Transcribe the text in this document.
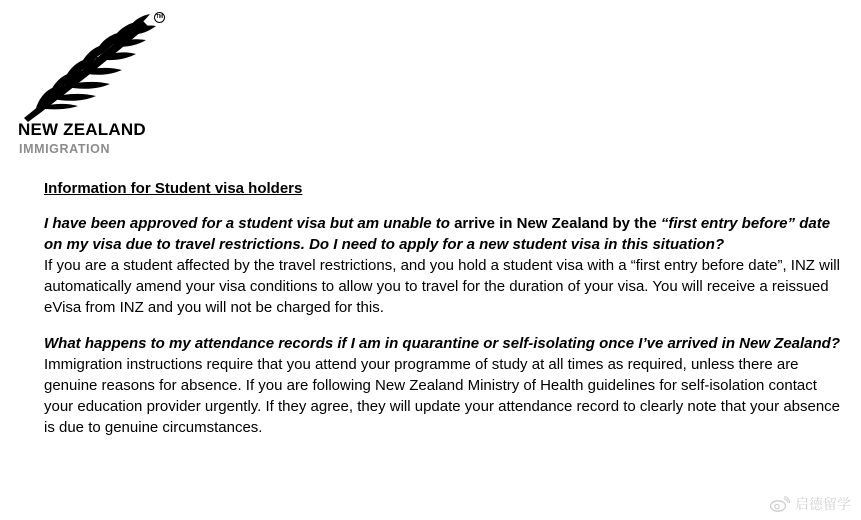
TM
NEW ZEALAND
IMMIGRATION

Information for Student visa holders

I have been approved for a student visa but am unable to arrive in New Zealand by the “first entry before” date on my visa due to travel restrictions. Do I need to apply for a new student visa in this situation?

If you are a student affected by the travel restrictions, and you hold a student visa with a “first entry before date”, INZ will automatically amend your visa conditions to allow you to travel for the duration of your visa. You will receive a reissued eVisa from INZ and you will not be charged for this.

What happens to my attendance records if I am in quarantine or self-isolating once I’ve arrived in New Zealand?

Immigration instructions require that you attend your programme of study at all times as required, unless there are genuine reasons for absence. If you are following New Zealand Ministry of Health guidelines for self-isolation contact your education provider urgently. If they agree, they will update your attendance record to clearly note that your absence is due to genuine circumstances.

启德留学
